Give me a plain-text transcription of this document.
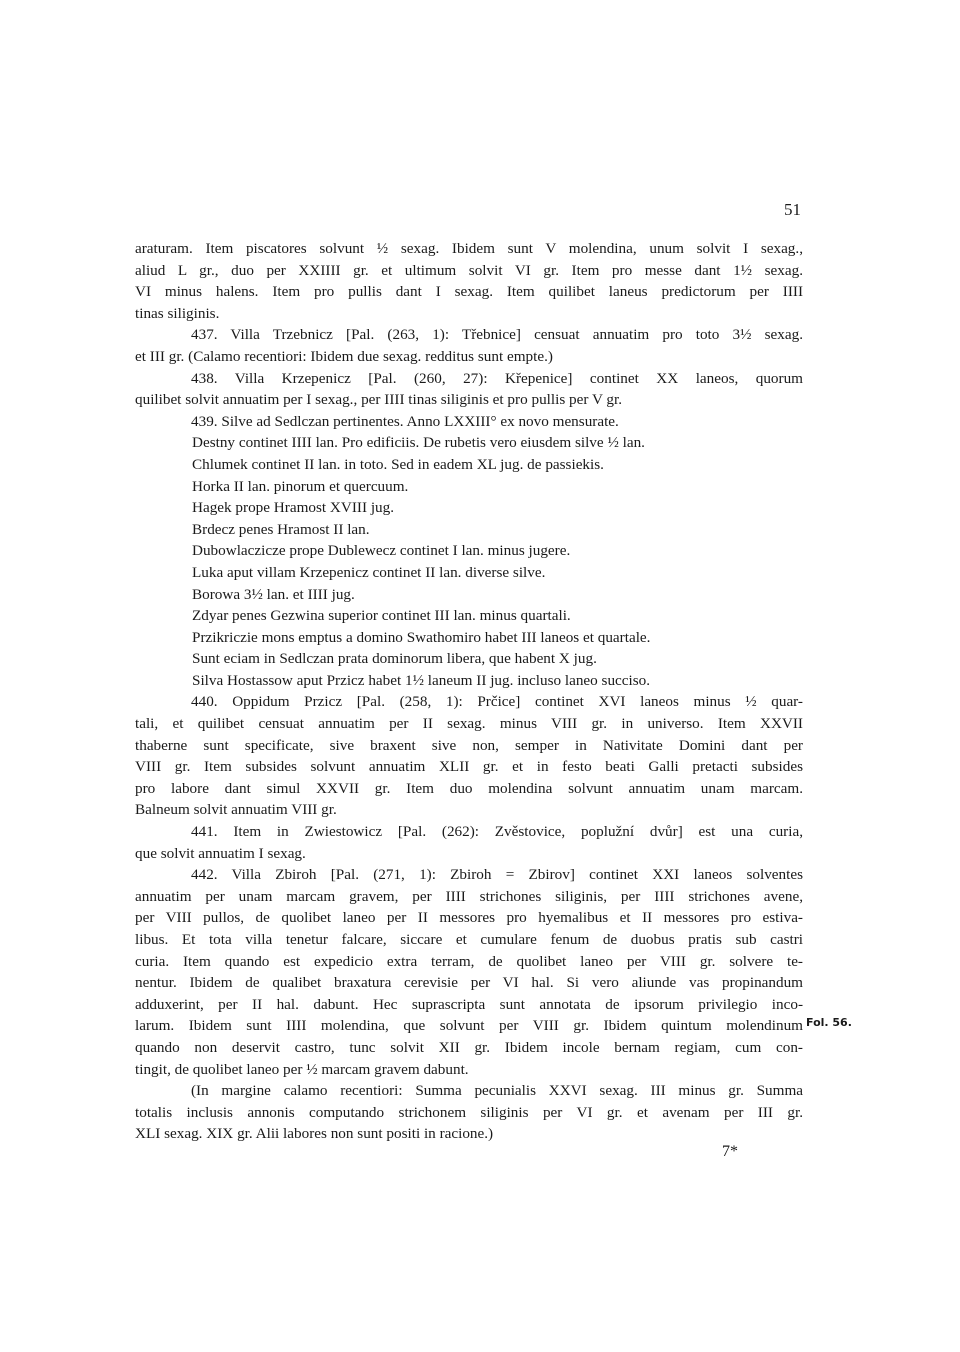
51
araturam. Item piscatores solvunt ½ sexag. Ibidem sunt V molendina, unum solvit I sexag.,
aliud L gr., duo per XXIIII gr. et ultimum solvit VI gr. Item pro messe dant 1½ sexag.
VI minus halens. Item pro pullis dant I sexag. Item quilibet laneus predictorum per IIII
tinas siliginis.
437. Villa Trzebnicz [Pal. (263, 1): Třebnice] censuat annuatim pro toto 3½ sexag.
et III gr. (Calamo recentiori: Ibidem due sexag. redditus sunt empte.)
438. Villa Krzepenicz [Pal. (260, 27): Křepenice] continet XX laneos, quorum
quilibet solvit annuatim per I sexag., per IIII tinas siliginis et pro pullis per V gr.
439. Silve ad Sedlczan pertinentes. Anno LXXIII° ex novo mensurate.
Destny continet IIII lan. Pro edificiis. De rubetis vero eiusdem silve ½ lan.
Chlumek continet II lan. in toto. Sed in eadem XL jug. de passiekis.
Horka II lan. pinorum et quercuum.
Hagek prope Hramost XVIII jug.
Brdecz penes Hramost II lan.
Dubowlaczicze prope Dublewecz continet I lan. minus jugere.
Luka aput villam Krzepenicz continet II lan. diverse silve.
Borowa 3½ lan. et IIII jug.
Zdyar penes Gezwina superior continet III lan. minus quartali.
Przikriczie mons emptus a domino Swathomiro habet III laneos et quartale.
Sunt eciam in Sedlczan prata dominorum libera, que habent X jug.
Silva Hostassow aput Przicz habet 1½ laneum II jug. incluso laneo succiso.
440. Oppidum Przicz [Pal. (258, 1): Prčice] continet XVI laneos minus ½ quar-
tali, et quilibet censuat annuatim per II sexag. minus VIII gr. in universo. Item XXVII
thaberne sunt specificate, sive braxent sive non, semper in Nativitate Domini dant per
VIII gr. Item subsides solvunt annuatim XLII gr. et in festo beati Galli pretacti subsides
pro labore dant simul XXVII gr. Item duo molendina solvunt annuatim unam marcam.
Balneum solvit annuatim VIII gr.
441. Item in Zwiestowicz [Pal. (262): Zvěstovice, poplužní dvůr] est una curia,
que solvit annuatim I sexag.
442. Villa Zbiroh [Pal. (271, 1): Zbiroh = Zbirov] continet XXI laneos solventes
annuatim per unam marcam gravem, per IIII strichones siliginis, per IIII strichones avene,
per VIII pullos, de quolibet laneo per II messores pro hyemalibus et II messores pro estiva-
libus. Et tota villa tenetur falcare, siccare et cumulare fenum de duobus pratis sub castri
curia. Item quando est expedicio extra terram, de quolibet laneo per VIII gr. solvere te-
nentur. Ibidem de qualibet braxatura cerevisie per VI hal. Si vero aliunde vas propinandum
adduxerint, per II hal. dabunt. Hec suprascripta sunt annotata de ipsorum privilegio inco-
larum. Ibidem sunt IIII molendina, que solvunt per VIII gr. Ibidem quintum molendinum
quando non deservit castro, tunc solvit XII gr. Ibidem incole bernam regiam, cum con-
tingit, de quolibet laneo per ½ marcam gravem dabunt.
(In margine calamo recentiori: Summa pecunialis XXVI sexag. III minus gr. Summa
totalis inclusis annonis computando strichonem siliginis per VI gr. et avenam per III gr.
XLI sexag. XIX gr. Alii labores non sunt positi in racione.)
Fol. 56.
7*
